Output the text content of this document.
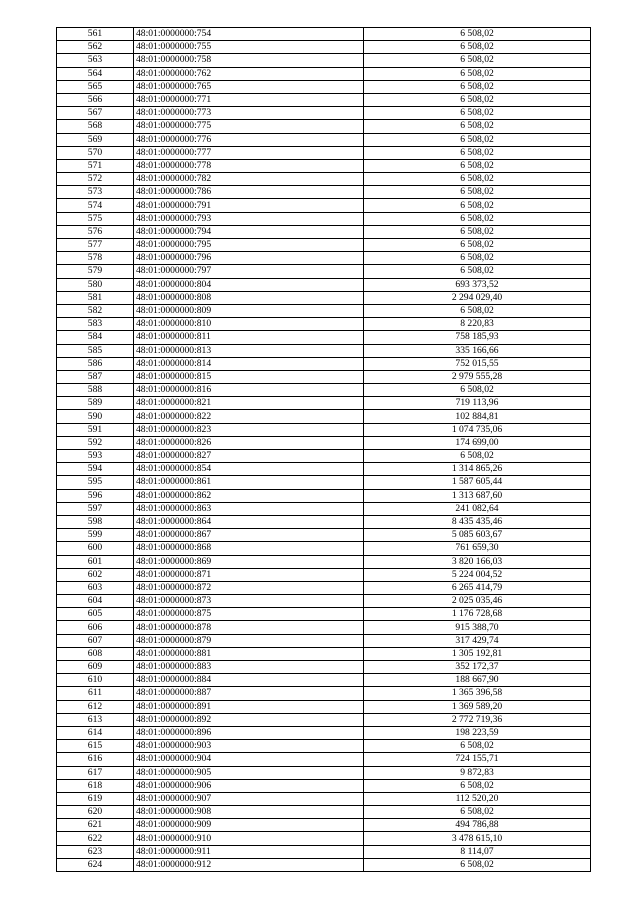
561	48:01:0000000:754	6 508,02
562	48:01:0000000:755	6 508,02
563	48:01:0000000:758	6 508,02
564	48:01:0000000:762	6 508,02
565	48:01:0000000:765	6 508,02
566	48:01:0000000:771	6 508,02
567	48:01:0000000:773	6 508,02
568	48:01:0000000:775	6 508,02
569	48:01:0000000:776	6 508,02
570	48:01:0000000:777	6 508,02
571	48:01:0000000:778	6 508,02
572	48:01:0000000:782	6 508,02
573	48:01:0000000:786	6 508,02
574	48:01:0000000:791	6 508,02
575	48:01:0000000:793	6 508,02
576	48:01:0000000:794	6 508,02
577	48:01:0000000:795	6 508,02
578	48:01:0000000:796	6 508,02
579	48:01:0000000:797	6 508,02
580	48:01:0000000:804	693 373,52
581	48:01:0000000:808	2 294 029,40
582	48:01:0000000:809	6 508,02
583	48:01:0000000:810	8 220,83
584	48:01:0000000:811	758 185,93
585	48:01:0000000:813	335 166,66
586	48:01:0000000:814	752 015,55
587	48:01:0000000:815	2 979 555,28
588	48:01:0000000:816	6 508,02
589	48:01:0000000:821	719 113,96
590	48:01:0000000:822	102 884,81
591	48:01:0000000:823	1 074 735,06
592	48:01:0000000:826	174 699,00
593	48:01:0000000:827	6 508,02
594	48:01:0000000:854	1 314 865,26
595	48:01:0000000:861	1 587 605,44
596	48:01:0000000:862	1 313 687,60
597	48:01:0000000:863	241 082,64
598	48:01:0000000:864	8 435 435,46
599	48:01:0000000:867	5 085 603,67
600	48:01:0000000:868	761 659,30
601	48:01:0000000:869	3 820 166,03
602	48:01:0000000:871	5 224 004,52
603	48:01:0000000:872	6 265 414,79
604	48:01:0000000:873	2 025 035,46
605	48:01:0000000:875	1 176 728,68
606	48:01:0000000:878	915 388,70
607	48:01:0000000:879	317 429,74
608	48:01:0000000:881	1 305 192,81
609	48:01:0000000:883	352 172,37
610	48:01:0000000:884	188 667,90
611	48:01:0000000:887	1 365 396,58
612	48:01:0000000:891	1 369 589,20
613	48:01:0000000:892	2 772 719,36
614	48:01:0000000:896	198 223,59
615	48:01:0000000:903	6 508,02
616	48:01:0000000:904	724 155,71
617	48:01:0000000:905	9 872,83
618	48:01:0000000:906	6 508,02
619	48:01:0000000:907	112 520,20
620	48:01:0000000:908	6 508,02
621	48:01:0000000:909	494 786,88
622	48:01:0000000:910	3 478 615,10
623	48:01:0000000:911	8 114,07
624	48:01:0000000:912	6 508,02
